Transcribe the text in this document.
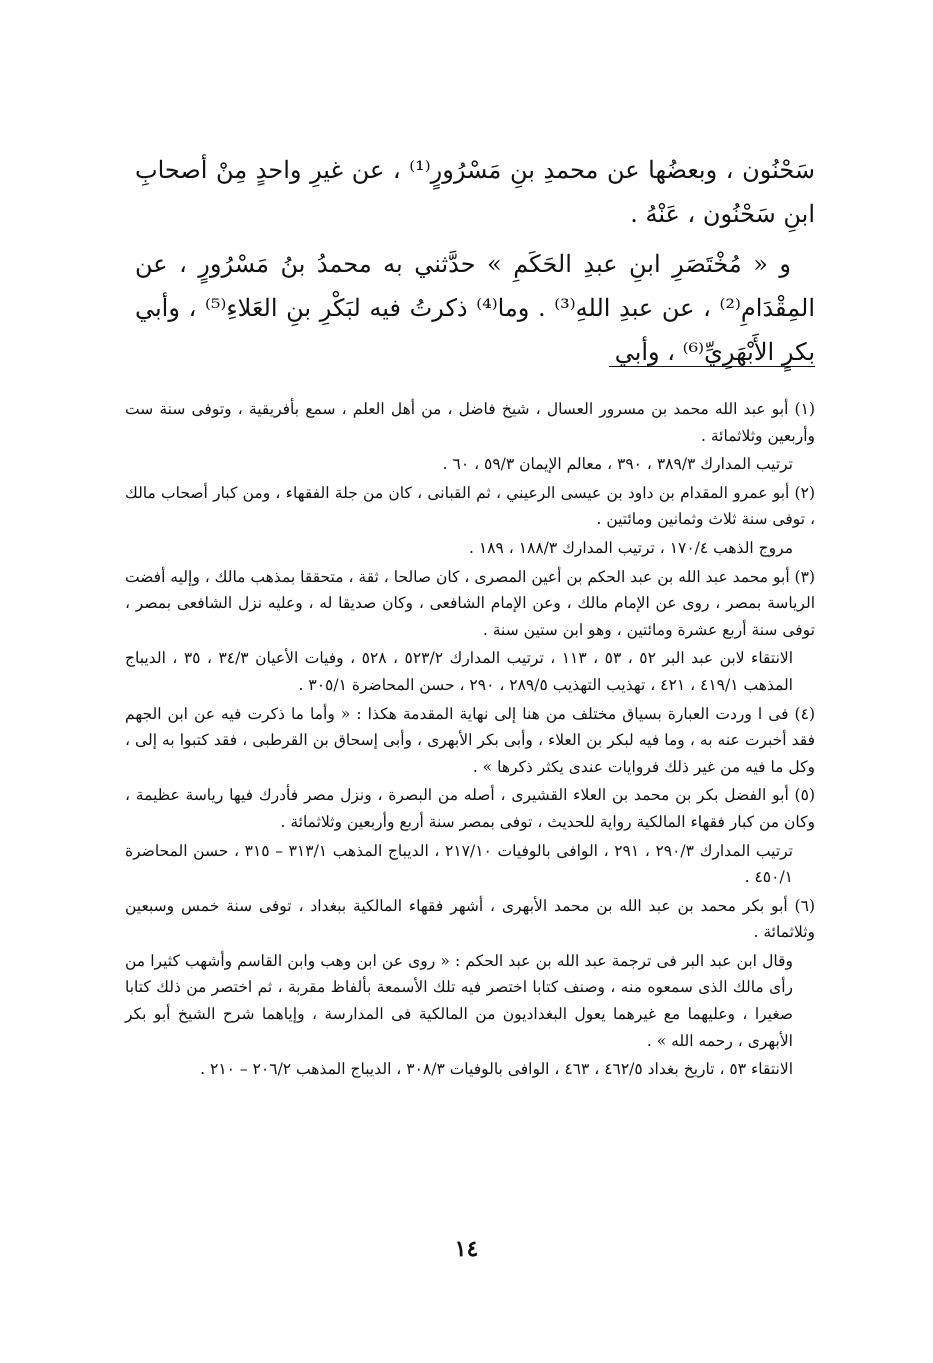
سَحْنُون ، وبعضُها عن محمدِ بنِ مَسْرُورٍ⁽¹⁾ ، عن غيرِ واحدٍ مِنْ أصحابِ ابنِ سَحْنُون ، عَنْهُ .

و « مُخْتَصَرِ ابنِ عبدِ الحَكَمِ » حدَّثني به محمدُ بنُ مَسْرُورٍ ، عن المِقْدَامِ⁽²⁾ ، عن عبدِ اللهِ⁽³⁾ . وما⁽⁴⁾ ذكرتُ فيه لبَكْرِ بنِ العَلاءِ⁽⁵⁾ ، وأبي بكرٍ الأَبْهَرِيِّ⁽⁶⁾ ، وأبي

(١) أبو عبد الله محمد بن مسرور العسال ، شيخ فاضل ، من أهل العلم ، سمع بأفريقية ، وتوفى سنة ست وأربعين وثلاثمائة .

ترتيب المدارك ٣٨٩/٣ ، ٣٩٠ ، معالم الإيمان ٥٩/٣ ، ٦٠ .

(٢) أبو عمرو المقدام بن داود بن عيسى الرعيني ، ثم القبانى ، كان من جلة الفقهاء ، ومن كبار أصحاب مالك ، توفى سنة ثلاث وثمانين ومائتين .

مروج الذهب ١٧٠/٤ ، ترتيب المدارك ١٨٨/٣ ، ١٨٩ .

(٣) أبو محمد عبد الله بن عبد الحكم بن أعين المصرى ، كان صالحا ، ثقة ، متحققا بمذهب مالك ، وإليه أفضت الرياسة بمصر ، روى عن الإمام مالك ، وعن الإمام الشافعى ، وكان صديقا له ، وعليه نزل الشافعى بمصر ، توفى سنة أربع عشرة ومائتين ، وهو ابن ستين سنة .

الانتقاء لابن عبد البر ٥٢ ، ٥٣ ، ١١٣ ، ترتيب المدارك ٥٢٣/٢ ، ٥٢٨ ، وفيات الأعيان ٣٤/٣ ، ٣٥ ، الديباج المذهب ٤١٩/١ ، ٤٢١ ، تهذيب التهذيب ٢٨٩/٥ ، ٢٩٠ ، حسن المحاضرة ٣٠٥/١ .

(٤) فى ا وردت العبارة بسياق مختلف من هنا إلى نهاية المقدمة هكذا : « وأما ما ذكرت فيه عن ابن الجهم فقد أخبرت عنه به ، وما فيه لبكر بن العلاء ، وأبى بكر الأبهرى ، وأبى إسحاق بن القرطبى ، فقد كتبوا به إلى ، وكل ما فيه من غير ذلك فروايات عندى يكثر ذكرها » .

(٥) أبو الفضل بكر بن محمد بن العلاء القشيرى ، أصله من البصرة ، ونزل مصر فأدرك فيها رياسة عظيمة ، وكان من كبار فقهاء المالكية رواية للحديث ، توفى بمصر سنة أربع وأربعين وثلاثمائة .

ترتيب المدارك ٢٩٠/٣ ، ٢٩١ ، الوافى بالوفيات ٢١٧/١٠ ، الديباج المذهب ٣١٣/١ – ٣١٥ ، حسن المحاضرة ٤٥٠/١ .

(٦) أبو بكر محمد بن عبد الله بن محمد الأبهرى ، أشهر فقهاء المالكية ببغداد ، توفى سنة خمس وسبعين وثلاثمائة .

وقال ابن عبد البر فى ترجمة عبد الله بن عبد الحكم : « روى عن ابن وهب وابن القاسم وأشهب كثيرا من رأى مالك الذى سمعوه منه ، وصنف كتابا اختصر فيه تلك الأسمعة بألفاظ مقربة ، ثم اختصر من ذلك كتابا صغيرا ، وعليهما مع غيرهما يعول البغداديون من المالكية فى المدارسة ، وإياهما شرح الشيخ أبو بكر الأبهرى ، رحمه الله » .

الانتقاء ٥٣ ، تاريخ بغداد ٤٦٢/٥ ، ٤٦٣ ، الوافى بالوفيات ٣٠٨/٣ ، الديباج المذهب ٢٠٦/٢ – ٢١٠ .

١٤
